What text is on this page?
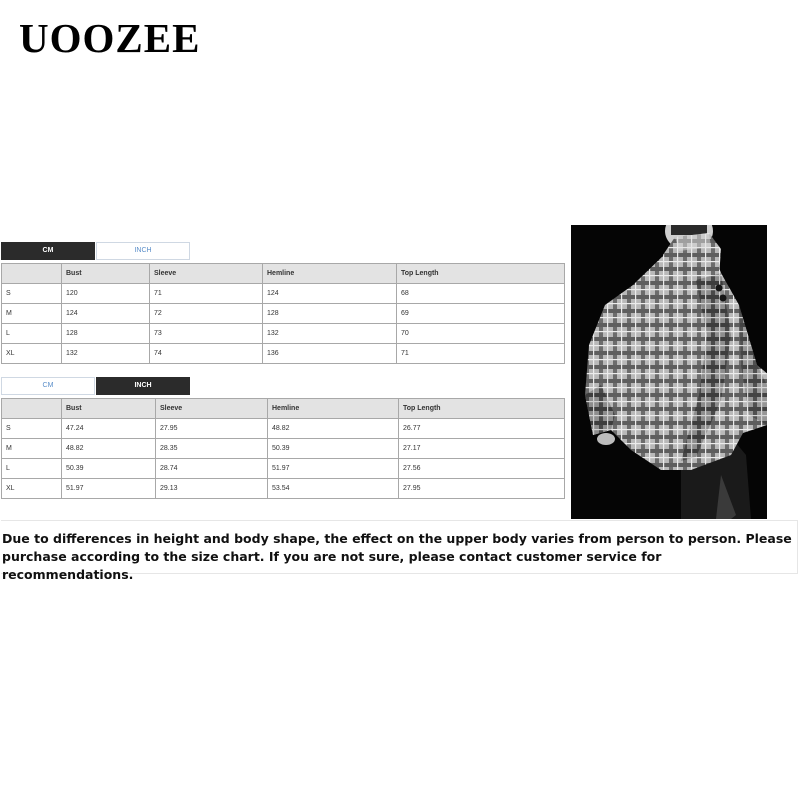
UOOZEE
CM	INCH
	Bust	Sleeve	Hemline	Top Length
S	120	71	124	68
M	124	72	128	69
L	128	73	132	70
XL	132	74	136	71
CM	INCH
	Bust	Sleeve	Hemline	Top Length
S	47.24	27.95	48.82	26.77
M	48.82	28.35	50.39	27.17
L	50.39	28.74	51.97	27.56
XL	51.97	29.13	53.54	27.95
Due to differences in height and body shape, the effect on the upper body varies from person to person. Please purchase according to the size chart. If you are not sure, please contact customer service for recommendations.
